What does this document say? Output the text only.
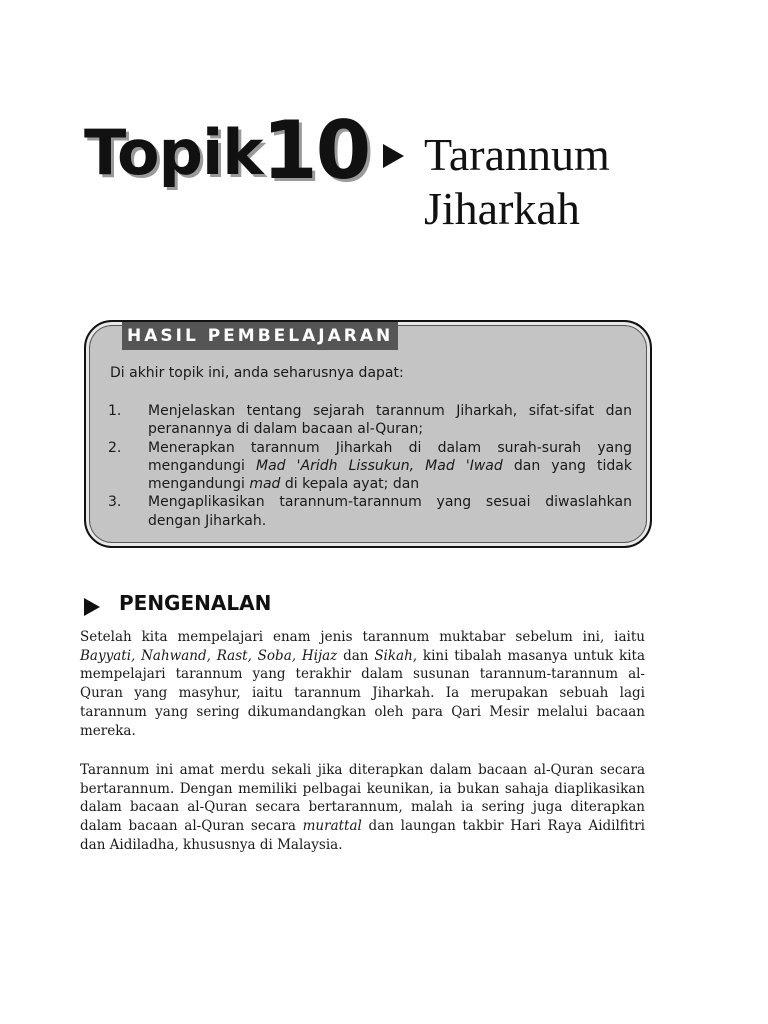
Topik 10 Tarannum Jiharkah
HASIL PEMBELAJARAN
Di akhir topik ini, anda seharusnya dapat:
1.	Menjelaskan tentang sejarah tarannum Jiharkah, sifat-sifat dan peranannya di dalam bacaan al-Quran;
2.	Menerapkan tarannum Jiharkah di dalam surah-surah yang mengandungi Mad 'Aridh Lissukun, Mad 'Iwad dan yang tidak mengandungi mad di kepala ayat; dan
3.	Mengaplikasikan tarannum-tarannum yang sesuai diwaslahkan dengan Jiharkah.
PENGENALAN

Setelah kita mempelajari enam jenis tarannum muktabar sebelum ini, iaitu Bayyati, Nahwand, Rast, Soba, Hijaz dan Sikah, kini tibalah masanya untuk kita mempelajari tarannum yang terakhir dalam susunan tarannum-tarannum al-Quran yang masyhur, iaitu tarannum Jiharkah. Ia merupakan sebuah lagi tarannum yang sering dikumandangkan oleh para Qari Mesir melalui bacaan mereka.

Tarannum ini amat merdu sekali jika diterapkan dalam bacaan al-Quran secara bertarannum. Dengan memiliki pelbagai keunikan, ia bukan sahaja diaplikasikan dalam bacaan al-Quran secara bertarannum, malah ia sering juga diterapkan dalam bacaan al-Quran secara murattal dan laungan takbir Hari Raya Aidilfitri dan Aidiladha, khususnya di Malaysia.
